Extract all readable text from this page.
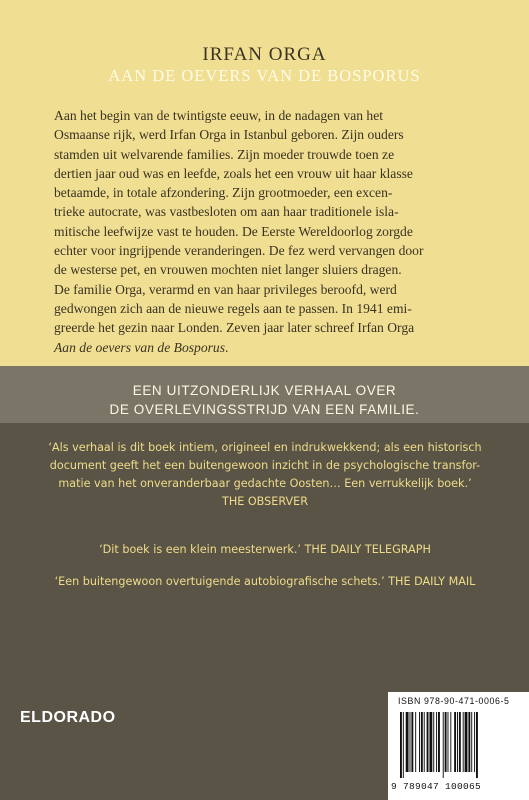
IRFAN ORGA
AAN DE OEVERS VAN DE BOSPORUS
Aan het begin van de twintigste eeuw, in de nadagen van het
Osmaanse rijk, werd Irfan Orga in Istanbul geboren. Zijn ouders
stamden uit welvarende families. Zijn moeder trouwde toen ze
dertien jaar oud was en leefde, zoals het een vrouw uit haar klasse
betaamde, in totale afzondering. Zijn grootmoeder, een excen-
trieke autocrate, was vastbesloten om aan haar traditionele isla-
mitische leefwijze vast te houden. De Eerste Wereldoorlog zorgde
echter voor ingrijpende veranderingen. De fez werd vervangen door
de westerse pet, en vrouwen mochten niet langer sluiers dragen.
De familie Orga, verarmd en van haar privileges beroofd, werd
gedwongen zich aan de nieuwe regels aan te passen. In 1941 emi-
greerde het gezin naar Londen. Zeven jaar later schreef Irfan Orga
Aan de oevers van de Bosporus.
EEN UITZONDERLIJK VERHAAL OVER
DE OVERLEVINGSSTRIJD VAN EEN FAMILIE.
‘Als verhaal is dit boek intiem, origineel en indrukwekkend; als een historisch
document geeft het een buitengewoon inzicht in de psychologische transfor-
matie van het onveranderbaar gedachte Oosten… Een verrukkelijk boek.’
THE OBSERVER
‘Dit boek is een klein meesterwerk.’ THE DAILY TELEGRAPH
‘Een buitengewoon overtuigende autobiografische schets.’ THE DAILY MAIL
ELDORADO
ISBN 978-90-471-0006-5
9 789047 100065
